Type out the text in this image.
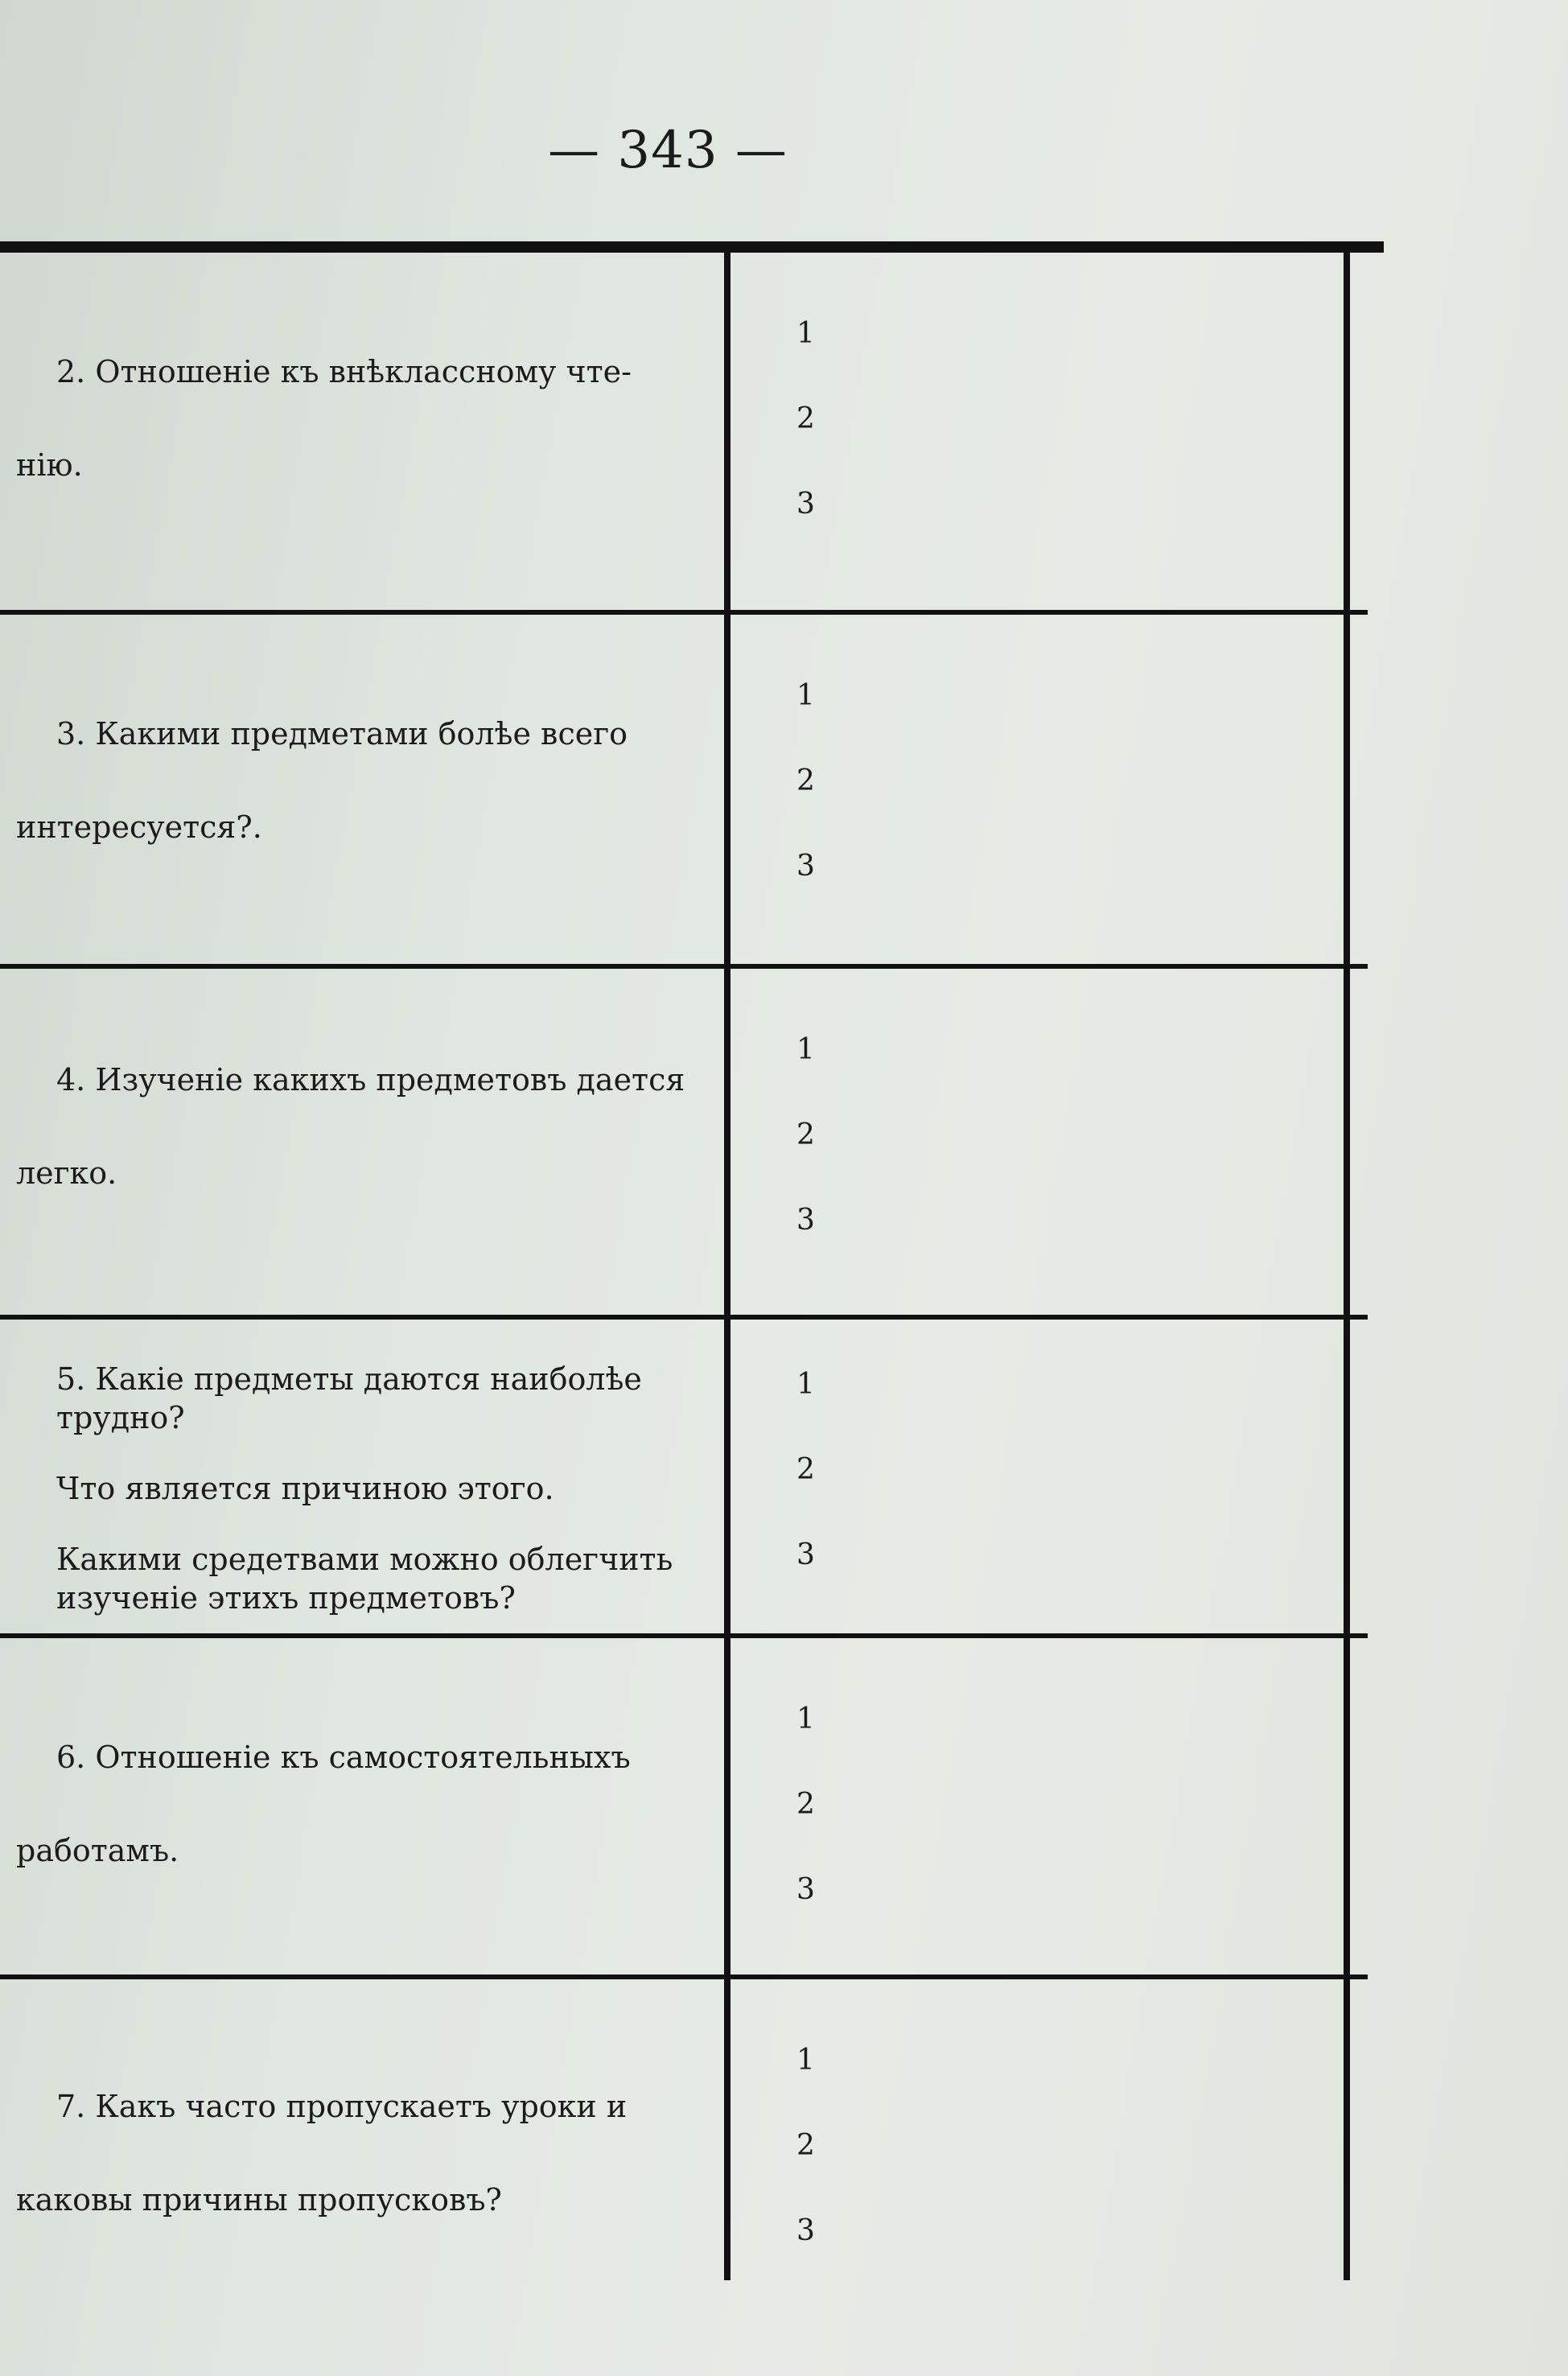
— 343 —

2. Отношеніе къ внѣклассному чте-

нію.

1
2
3

3. Какими предметами болѣе всего

интересуется?.

1
2
3

4. Изученіе какихъ предметовъ дается

легко.

1
2
3

5. Какіе предметы даются наиболѣе трудно?

Что является причиною этого.

Какими средетвами можно облегчить изученіе этихъ предметовъ?

1
2
3

6. Отношеніе къ самостоятельныхъ

работамъ.

1
2
3

7. Какъ часто пропускаетъ уроки и

каковы причины пропусковъ?

1
2
3
